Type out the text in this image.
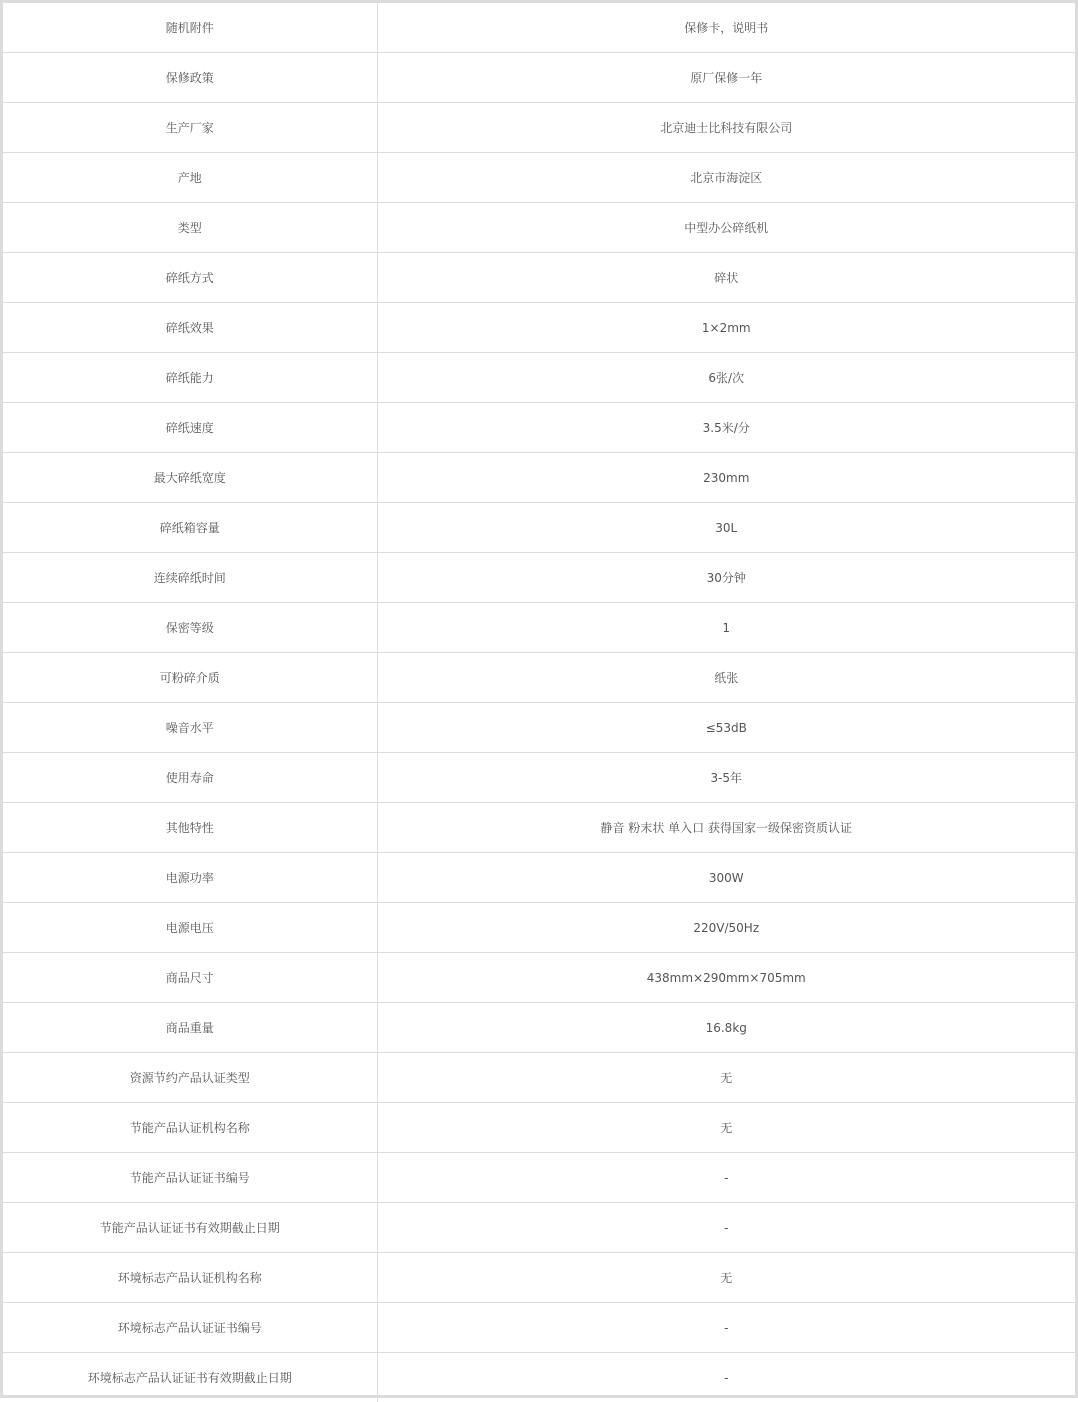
随机附件	保修卡，说明书
保修政策	原厂保修一年
生产厂家	北京迪士比科技有限公司
产地	北京市海淀区
类型	中型办公碎纸机
碎纸方式	碎状
碎纸效果	1×2mm
碎纸能力	6张/次
碎纸速度	3.5米/分
最大碎纸宽度	230mm
碎纸箱容量	30L
连续碎纸时间	30分钟
保密等级	1
可粉碎介质	纸张
噪音水平	≤53dB
使用寿命	3-5年
其他特性	静音 粉末状 单入口 获得国家一级保密资质认证
电源功率	300W
电源电压	220V/50Hz
商品尺寸	438mm×290mm×705mm
商品重量	16.8kg
资源节约产品认证类型	无
节能产品认证机构名称	无
节能产品认证证书编号	-
节能产品认证证书有效期截止日期	-
环境标志产品认证机构名称	无
环境标志产品认证证书编号	-
环境标志产品认证证书有效期截止日期	-
